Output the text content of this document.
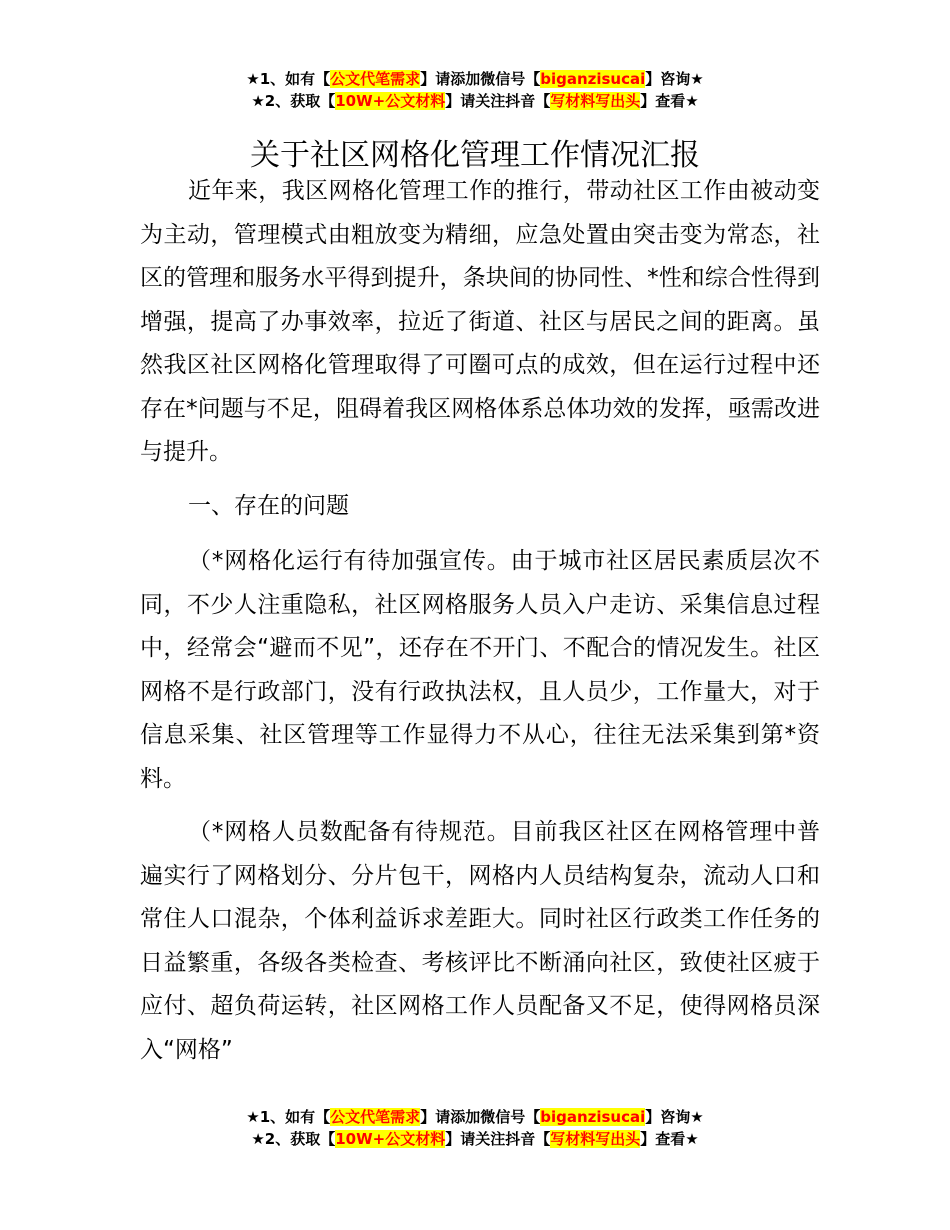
★1、如有【公文代笔需求】请添加微信号【biganzisucai】咨询★
★2、获取【10W+公文材料】请关注抖音【写材料写出头】查看★
关于社区网格化管理工作情况汇报

近年来，我区网格化管理工作的推行，带动社区工作由被动变为主动，管理模式由粗放变为精细，应急处置由突击变为常态，社区的管理和服务水平得到提升，条块间的协同性、*性和综合性得到增强，提高了办事效率，拉近了街道、社区与居民之间的距离。虽然我区社区网格化管理取得了可圈可点的成效，但在运行过程中还存在*问题与不足，阻碍着我区网格体系总体功效的发挥，亟需改进与提升。

一、存在的问题

（*网格化运行有待加强宣传。由于城市社区居民素质层次不同，不少人注重隐私，社区网格服务人员入户走访、采集信息过程中，经常会“避而不见”，还存在不开门、不配合的情况发生。社区网格不是行政部门，没有行政执法权，且人员少，工作量大，对于信息采集、社区管理等工作显得力不从心，往往无法采集到第*资料。

（*网格人员数配备有待规范。目前我区社区在网格管理中普遍实行了网格划分、分片包干，网格内人员结构复杂，流动人口和常住人口混杂，个体利益诉求差距大。同时社区行政类工作任务的日益繁重，各级各类检查、考核评比不断涌向社区，致使社区疲于应付、超负荷运转，社区网格工作人员配备又不足，使得网格员深入“网格”

★1、如有【公文代笔需求】请添加微信号【biganzisucai】咨询★
★2、获取【10W+公文材料】请关注抖音【写材料写出头】查看★
